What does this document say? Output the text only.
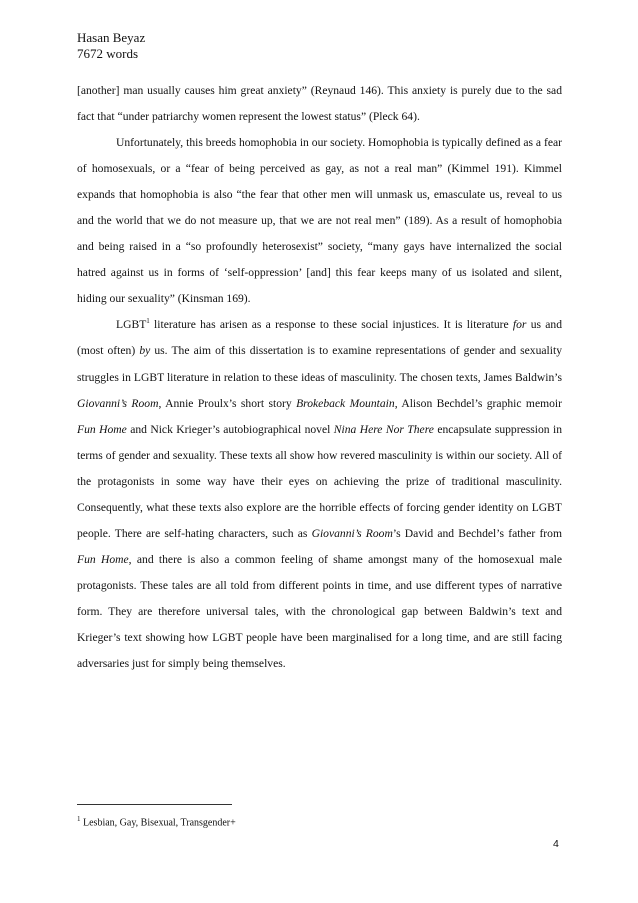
Hasan Beyaz
7672 words

[another] man usually causes him great anxiety” (Reynaud 146). This anxiety is purely due to the sad fact that “under patriarchy women represent the lowest status” (Pleck 64).

Unfortunately, this breeds homophobia in our society. Homophobia is typically defined as a fear of homosexuals, or a “fear of being perceived as gay, as not a real man” (Kimmel 191). Kimmel expands that homophobia is also “the fear that other men will unmask us, emasculate us, reveal to us and the world that we do not measure up, that we are not real men” (189). As a result of homophobia and being raised in a “so profoundly heterosexist” society, “many gays have internalized the social hatred against us in forms of ‘self-oppression’ [and] this fear keeps many of us isolated and silent, hiding our sexuality” (Kinsman 169).

LGBT$^1$ literature has arisen as a response to these social injustices. It is literature for us and (most often) by us. The aim of this dissertation is to examine representations of gender and sexuality struggles in LGBT literature in relation to these ideas of masculinity. The chosen texts, James Baldwin’s Giovanni’s Room, Annie Proulx’s short story Brokeback Mountain, Alison Bechdel’s graphic memoir Fun Home and Nick Krieger’s autobiographical novel Nina Here Nor There encapsulate suppression in terms of gender and sexuality. These texts all show how revered masculinity is within our society. All of the protagonists in some way have their eyes on achieving the prize of traditional masculinity. Consequently, what these texts also explore are the horrible effects of forcing gender identity on LGBT people. There are self-hating characters, such as Giovanni’s Room’s David and Bechdel’s father from Fun Home, and there is also a common feeling of shame amongst many of the homosexual male protagonists. These tales are all told from different points in time, and use different types of narrative form. They are therefore universal tales, with the chronological gap between Baldwin’s text and Krieger’s text showing how LGBT people have been marginalised for a long time, and are still facing adversaries just for simply being themselves.

$^1$ Lesbian, Gay, Bisexual, Transgender+
4
